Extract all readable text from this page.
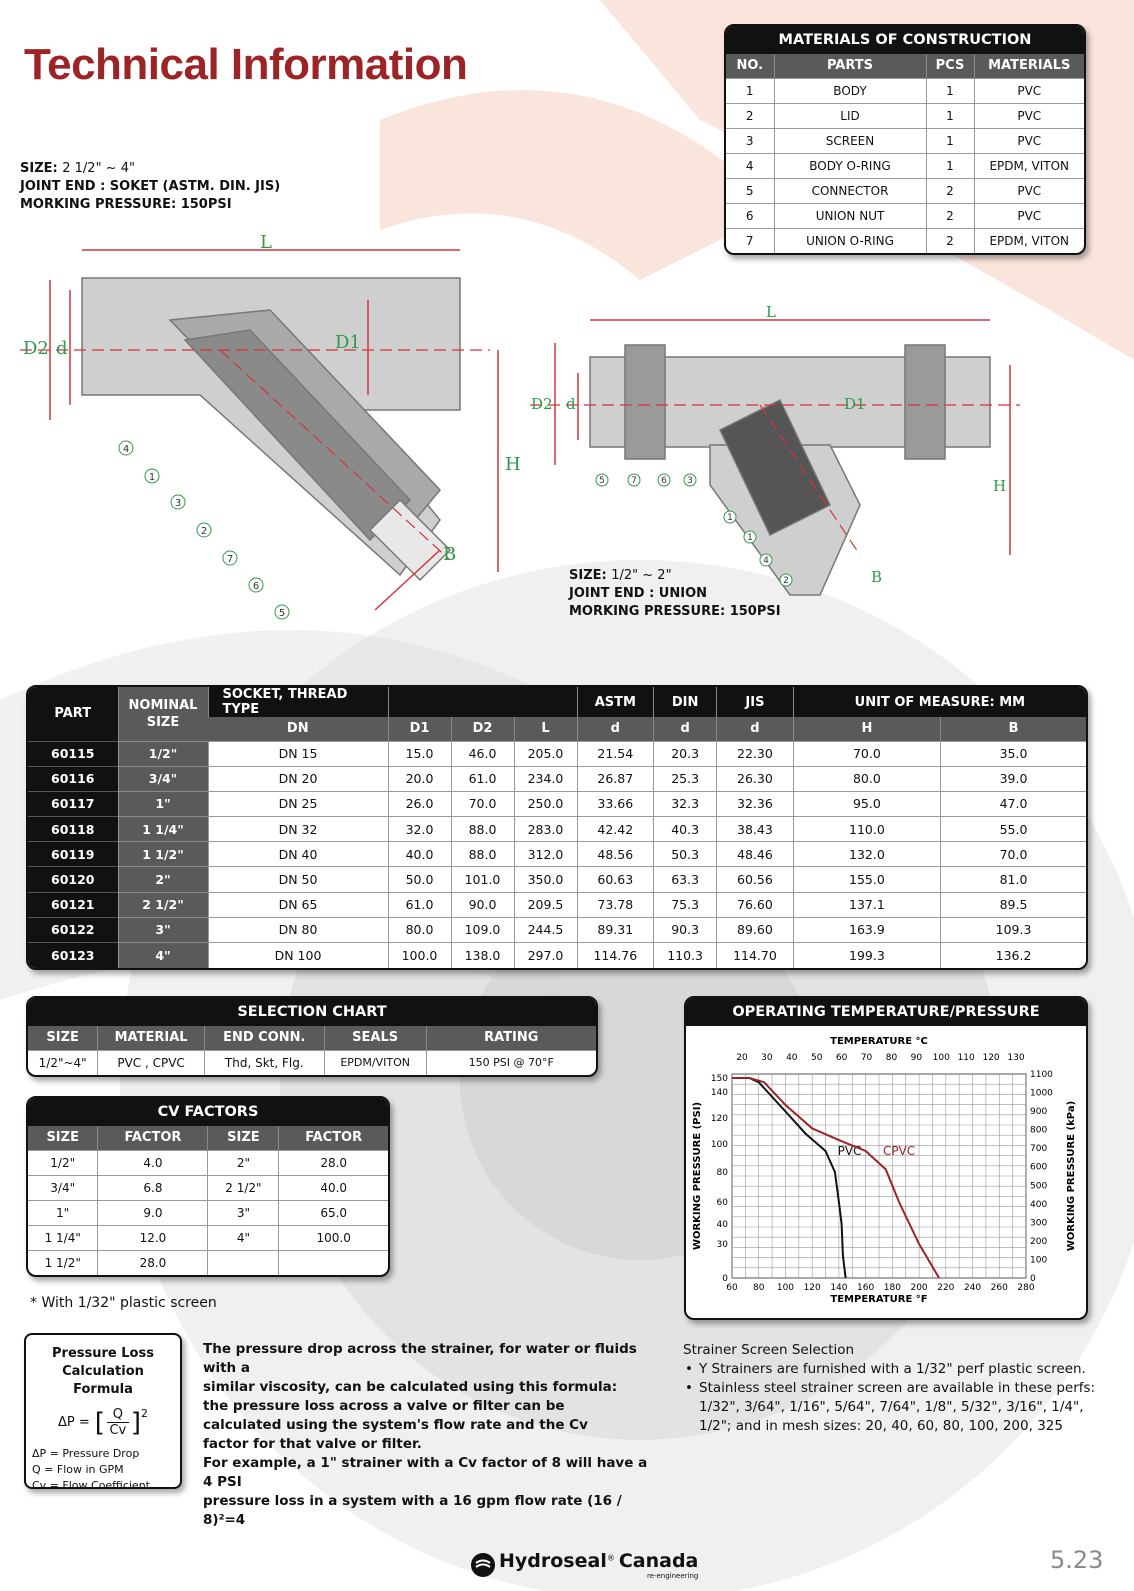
Technical Information
SIZE: 2 1/2" ~ 4"
JOINT END : SOKET (ASTM. DIN. JIS)
MORKING PRESSURE: 150PSI
L
D2 d	D1
H
B
4
1
3
2
7
6
5
L
D2 d	D1
H
B
5	7	6 3
1
1
4
2
SIZE: 1/2" ~ 2"
JOINT END : UNION
MORKING PRESSURE: 150PSI
MATERIALS OF CONSTRUCTION
NO.	PARTS	PCS	MATERIALS
1	BODY	1	PVC
2	LID	1	PVC
3	SCREEN	1	PVC
4	BODY O-RING	1	EPDM, VITON
5	CONNECTOR	2	PVC
6	UNION NUT	2	PVC
7	UNION O-RING	2	EPDM, VITON
PART	NOMINAL SIZE	SOCKET, THREAD TYPE				ASTM	DIN	JIS	UNIT OF MEASURE: MM	
		DN	D1	D2	L	d	d	d	H	B
60115	1/2"	DN 15	15.0	46.0	205.0	21.54	20.3	22.30	70.0	35.0
60116	3/4"	DN 20	20.0	61.0	234.0	26.87	25.3	26.30	80.0	39.0
60117	1"	DN 25	26.0	70.0	250.0	33.66	32.3	32.36	95.0	47.0
60118	1 1/4"	DN 32	32.0	88.0	283.0	42.42	40.3	38.43	110.0	55.0
60119	1 1/2"	DN 40	40.0	88.0	312.0	48.56	50.3	48.46	132.0	70.0
60120	2"	DN 50	50.0	101.0	350.0	60.63	63.3	60.56	155.0	81.0
60121	2 1/2"	DN 65	61.0	90.0	209.5	73.78	75.3	76.60	137.1	89.5
60122	3"	DN 80	80.0	109.0	244.5	89.31	90.3	89.60	163.9	109.3
60123	4"	DN 100	100.0	138.0	297.0	114.76	110.3	114.70	199.3	136.2
SELECTION CHART
SIZE	MATERIAL	END CONN.	SEALS	RATING
1/2"~4"	PVC , CPVC	Thd, Skt, Flg.	EPDM/VITON	150 PSI @ 70°F
CV FACTORS
SIZE	FACTOR	SIZE	FACTOR
1/2"	4.0	2"	28.0
3/4"	6.8	2 1/2"	40.0
1"	9.0	3"	65.0
1 1/4"	12.0	4"	100.0
1 1/2"	28.0		
* With 1/32" plastic screen
OPERATING TEMPERATURE/PRESSURE
TEMPERATURE °C
20 30 40 50 60 70 80 90 100 110 120 130
60 80 100 120 140 160 180 200 220 240 260 280
TEMPERATURE °F
0
30
40
60
80
100
120
140
150
0
100
200
300
400
500
600
700
800
900
1000
1100
WORKING PRESSURE (PSI)	WORKING PRESSURE (kPa)
PVC CPVC
Pressure Loss Calculation Formula
ΔP = [ Q
Cv ]$^2$
ΔP = Pressure Drop
Q = Flow in GPM
Cv = Flow Coefficient
The pressure drop across the strainer, for water or fluids with a
similar viscosity, can be calculated using this formula:
the pressure loss across a valve or filter can be
calculated using the system's flow rate and the Cv
factor for that valve or filter.
For example, a 1" strainer with a Cv factor of 8 will have a 4 PSI
pressure loss in a system with a 16 gpm flow rate (16 / 8)²=4
Strainer Screen Selection
• Y Strainers are furnished with a 1/32" perf plastic screen.
• Stainless steel strainer screen are available in these perfs: 1/32", 3/64", 1/16", 5/64", 7/64", 1/8", 5/32", 3/16", 1/4", 1/2"; and in mesh sizes: 20, 40, 60, 80, 100, 200, 325
Hydroseal® Canada
re-engineering
5.23
